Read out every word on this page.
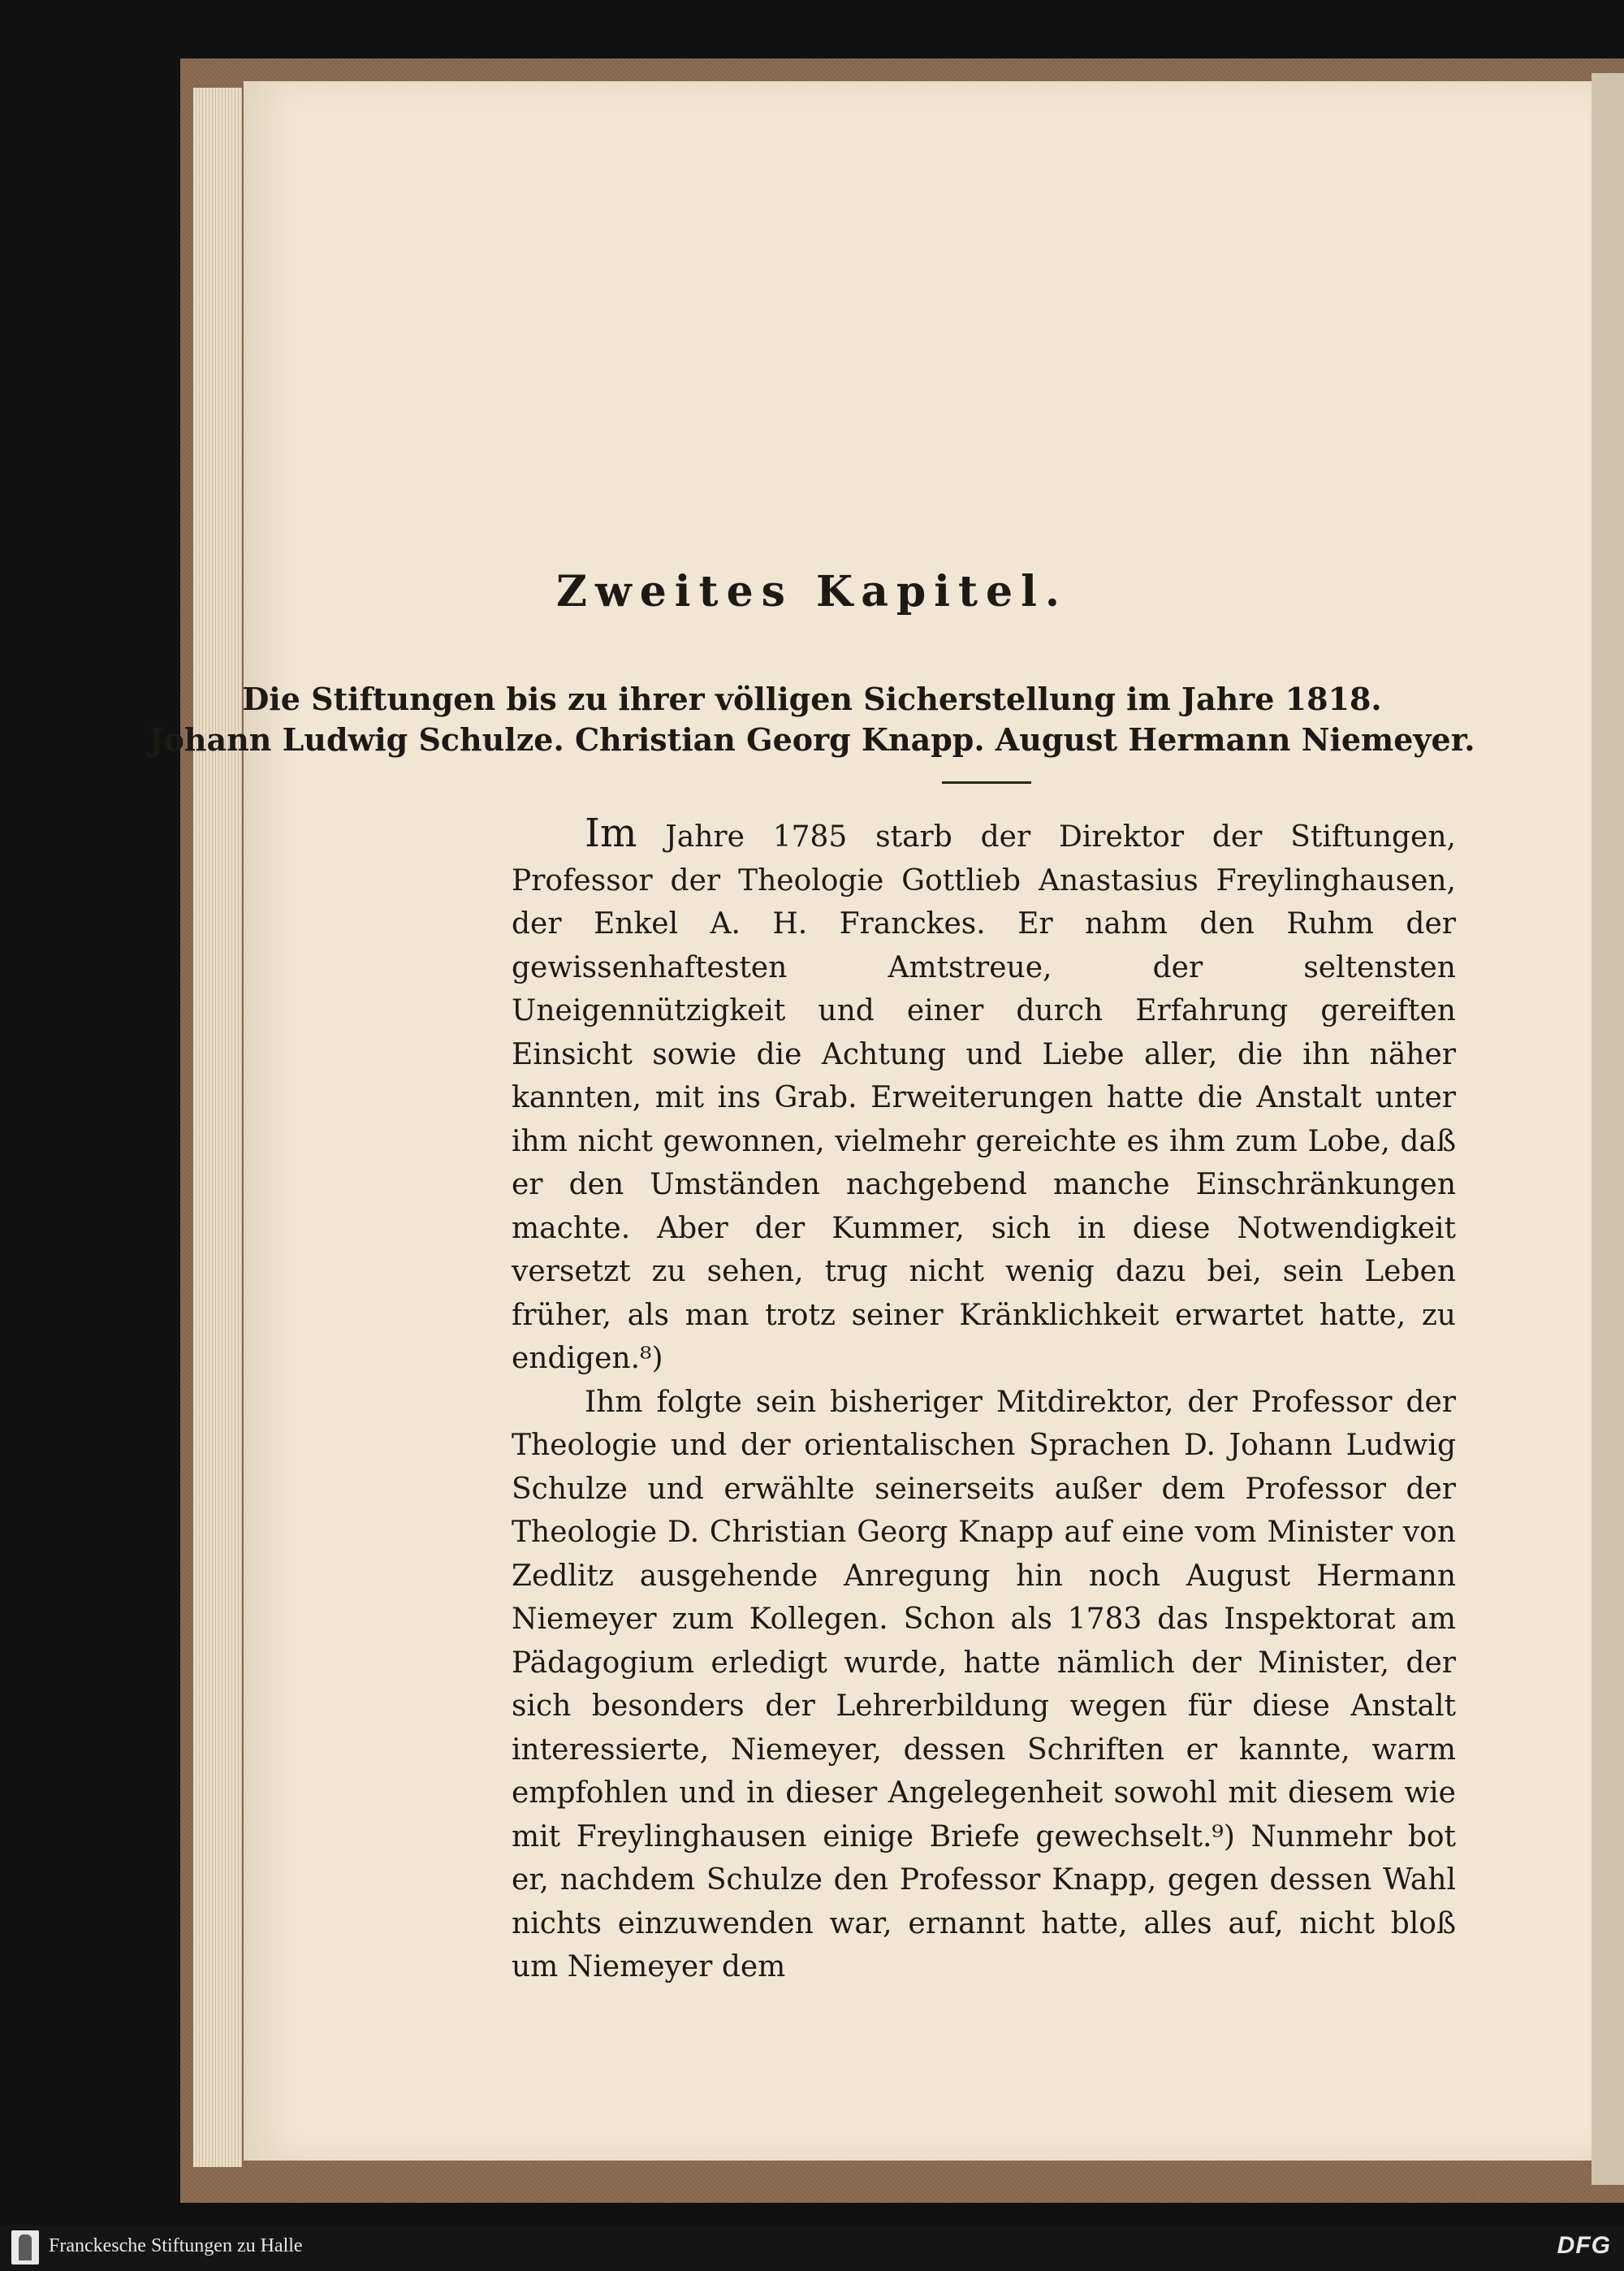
Zweites Kapitel.
Die Stiftungen bis zu ihrer völligen Sicherstellung im Jahre 1818.
Johann Ludwig Schulze. Christian Georg Knapp. August Hermann Niemeyer.

Im Jahre 1785 starb der Direktor der Stiftungen, Professor der Theologie Gottlieb Anastasius Freylinghausen, der Enkel A. H. Franckes. Er nahm den Ruhm der gewissenhaftesten Amtstreue, der seltensten Uneigennützigkeit und einer durch Erfahrung gereiften Einsicht sowie die Achtung und Liebe aller, die ihn näher kannten, mit ins Grab. Erweiterungen hatte die Anstalt unter ihm nicht gewonnen, vielmehr gereichte es ihm zum Lobe, daß er den Umständen nachgebend manche Einschränkungen machte. Aber der Kummer, sich in diese Notwendigkeit versetzt zu sehen, trug nicht wenig dazu bei, sein Leben früher, als man trotz seiner Kränklichkeit erwartet hatte, zu endigen.⁸)

Ihm folgte sein bisheriger Mitdirektor, der Professor der Theologie und der orientalischen Sprachen D. Johann Ludwig Schulze und erwählte seinerseits außer dem Professor der Theologie D. Christian Georg Knapp auf eine vom Minister von Zedlitz ausgehende Anregung hin noch August Hermann Niemeyer zum Kollegen. Schon als 1783 das Inspektorat am Pädagogium erledigt wurde, hatte nämlich der Minister, der sich besonders der Lehrerbildung wegen für diese Anstalt interessierte, Niemeyer, dessen Schriften er kannte, warm empfohlen und in dieser Angelegenheit sowohl mit diesem wie mit Freylinghausen einige Briefe gewechselt.⁹) Nunmehr bot er, nachdem Schulze den Professor Knapp, gegen dessen Wahl nichts einzuwenden war, ernannt hatte, alles auf, nicht bloß um Niemeyer dem

Franckesche Stiftungen zu Halle	DFG
